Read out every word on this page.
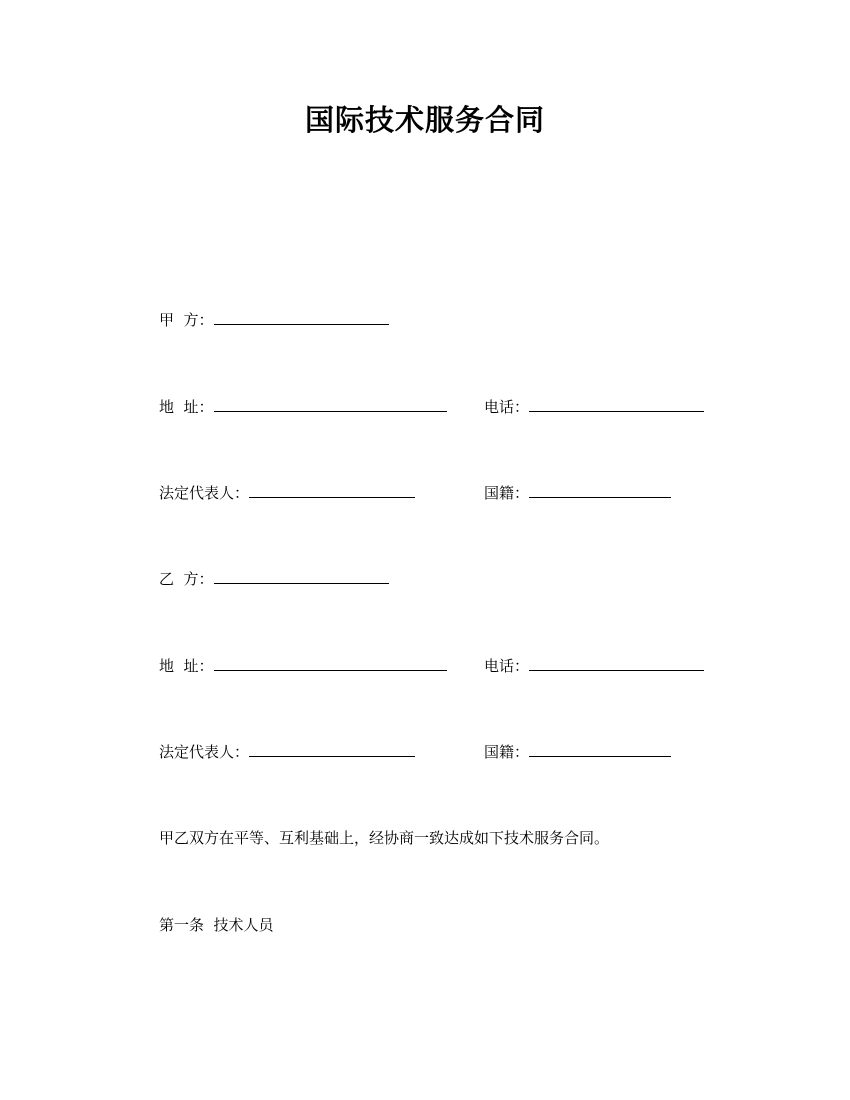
国际技术服务合同
甲  方：
地  址：	电话：
法定代表人：	国籍：
乙  方：
地  址：	电话：
法定代表人：	国籍：
甲乙双方在平等、互利基础上，经协商一致达成如下技术服务合同。
第一条  技术人员
